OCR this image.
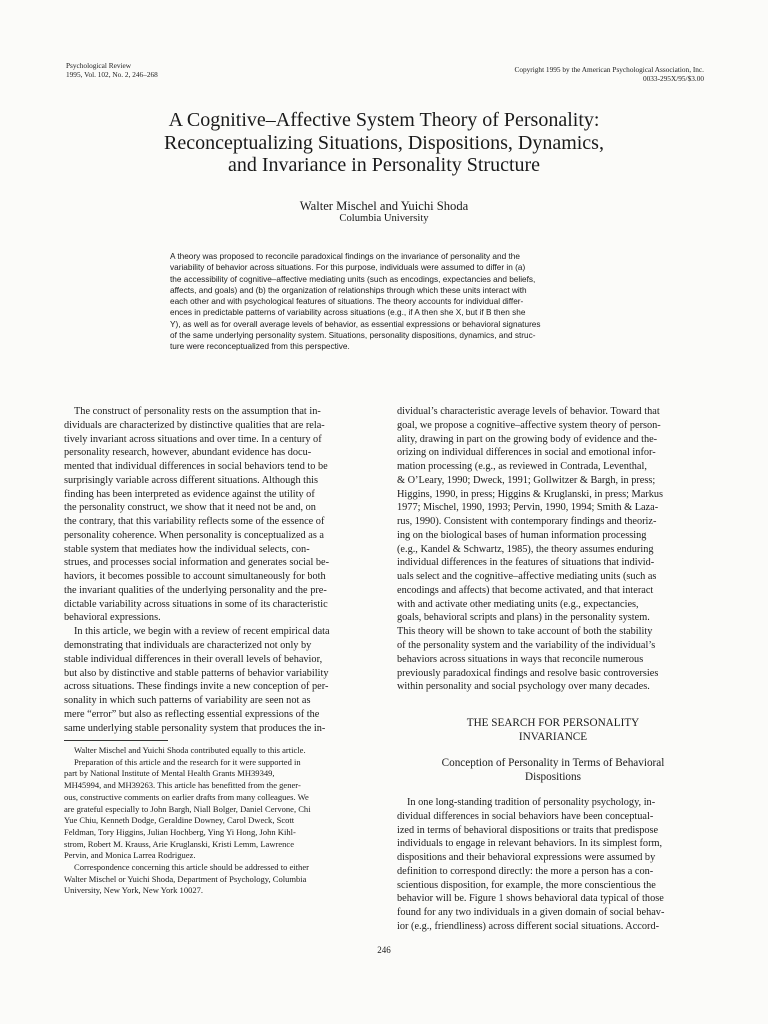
Psychological Review
1995, Vol. 102, No. 2, 246–268	Copyright 1995 by the American Psychological Association, Inc.
0033-295X/95/$3.00
A Cognitive–Affective System Theory of Personality:
Reconceptualizing Situations, Dispositions, Dynamics,
and Invariance in Personality Structure
Walter Mischel and Yuichi Shoda
Columbia University
A theory was proposed to reconcile paradoxical findings on the invariance of personality and the
variability of behavior across situations. For this purpose, individuals were assumed to differ in (a)
the accessibility of cognitive–affective mediating units (such as encodings, expectancies and beliefs,
affects, and goals) and (b) the organization of relationships through which these units interact with
each other and with psychological features of situations. The theory accounts for individual differ-
ences in predictable patterns of variability across situations (e.g., if A then she X, but if B then she
Y), as well as for overall average levels of behavior, as essential expressions or behavioral signatures
of the same underlying personality system. Situations, personality dispositions, dynamics, and struc-
ture were reconceptualized from this perspective.
The construct of personality rests on the assumption that in-
dividuals are characterized by distinctive qualities that are rela-
tively invariant across situations and over time. In a century of
personality research, however, abundant evidence has docu-
mented that individual differences in social behaviors tend to be
surprisingly variable across different situations. Although this
finding has been interpreted as evidence against the utility of
the personality construct, we show that it need not be and, on
the contrary, that this variability reflects some of the essence of
personality coherence. When personality is conceptualized as a
stable system that mediates how the individual selects, con-
strues, and processes social information and generates social be-
haviors, it becomes possible to account simultaneously for both
the invariant qualities of the underlying personality and the pre-
dictable variability across situations in some of its characteristic
behavioral expressions.
In this article, we begin with a review of recent empirical data
demonstrating that individuals are characterized not only by
stable individual differences in their overall levels of behavior,
but also by distinctive and stable patterns of behavior variability
across situations. These findings invite a new conception of per-
sonality in which such patterns of variability are seen not as
mere “error” but also as reflecting essential expressions of the
same underlying stable personality system that produces the in-
dividual’s characteristic average levels of behavior. Toward that
goal, we propose a cognitive–affective system theory of person-
ality, drawing in part on the growing body of evidence and the-
orizing on individual differences in social and emotional infor-
mation processing (e.g., as reviewed in Contrada, Leventhal,
& O’Leary, 1990; Dweck, 1991; Gollwitzer & Bargh, in press;
Higgins, 1990, in press; Higgins & Kruglanski, in press; Markus
1977; Mischel, 1990, 1993; Pervin, 1990, 1994; Smith & Laza-
rus, 1990). Consistent with contemporary findings and theoriz-
ing on the biological bases of human information processing
(e.g., Kandel & Schwartz, 1985), the theory assumes enduring
individual differences in the features of situations that individ-
uals select and the cognitive–affective mediating units (such as
encodings and affects) that become activated, and that interact
with and activate other mediating units (e.g., expectancies,
goals, behavioral scripts and plans) in the personality system.
This theory will be shown to take account of both the stability
of the personality system and the variability of the individual’s
behaviors across situations in ways that reconcile numerous
previously paradoxical findings and resolve basic controversies
within personality and social psychology over many decades.
THE SEARCH FOR PERSONALITY
INVARIANCE
Conception of Personality in Terms of Behavioral
Dispositions
In one long-standing tradition of personality psychology, in-
dividual differences in social behaviors have been conceptual-
ized in terms of behavioral dispositions or traits that predispose
individuals to engage in relevant behaviors. In its simplest form,
dispositions and their behavioral expressions were assumed by
definition to correspond directly: the more a person has a con-
scientious disposition, for example, the more conscientious the
behavior will be. Figure 1 shows behavioral data typical of those
found for any two individuals in a given domain of social behav-
ior (e.g., friendliness) across different social situations. Accord-
Walter Mischel and Yuichi Shoda contributed equally to this article.
Preparation of this article and the research for it were supported in
part by National Institute of Mental Health Grants MH39349,
MH45994, and MH39263. This article has benefitted from the gener-
ous, constructive comments on earlier drafts from many colleagues. We
are grateful especially to John Bargh, Niall Bolger, Daniel Cervone, Chi
Yue Chiu, Kenneth Dodge, Geraldine Downey, Carol Dweck, Scott
Feldman, Tory Higgins, Julian Hochberg, Ying Yi Hong, John Kihl-
strom, Robert M. Krauss, Arie Kruglanski, Kristi Lemm, Lawrence
Pervin, and Monica Larrea Rodriguez.
Correspondence concerning this article should be addressed to either
Walter Mischel or Yuichi Shoda, Department of Psychology, Columbia
University, New York, New York 10027.
246
